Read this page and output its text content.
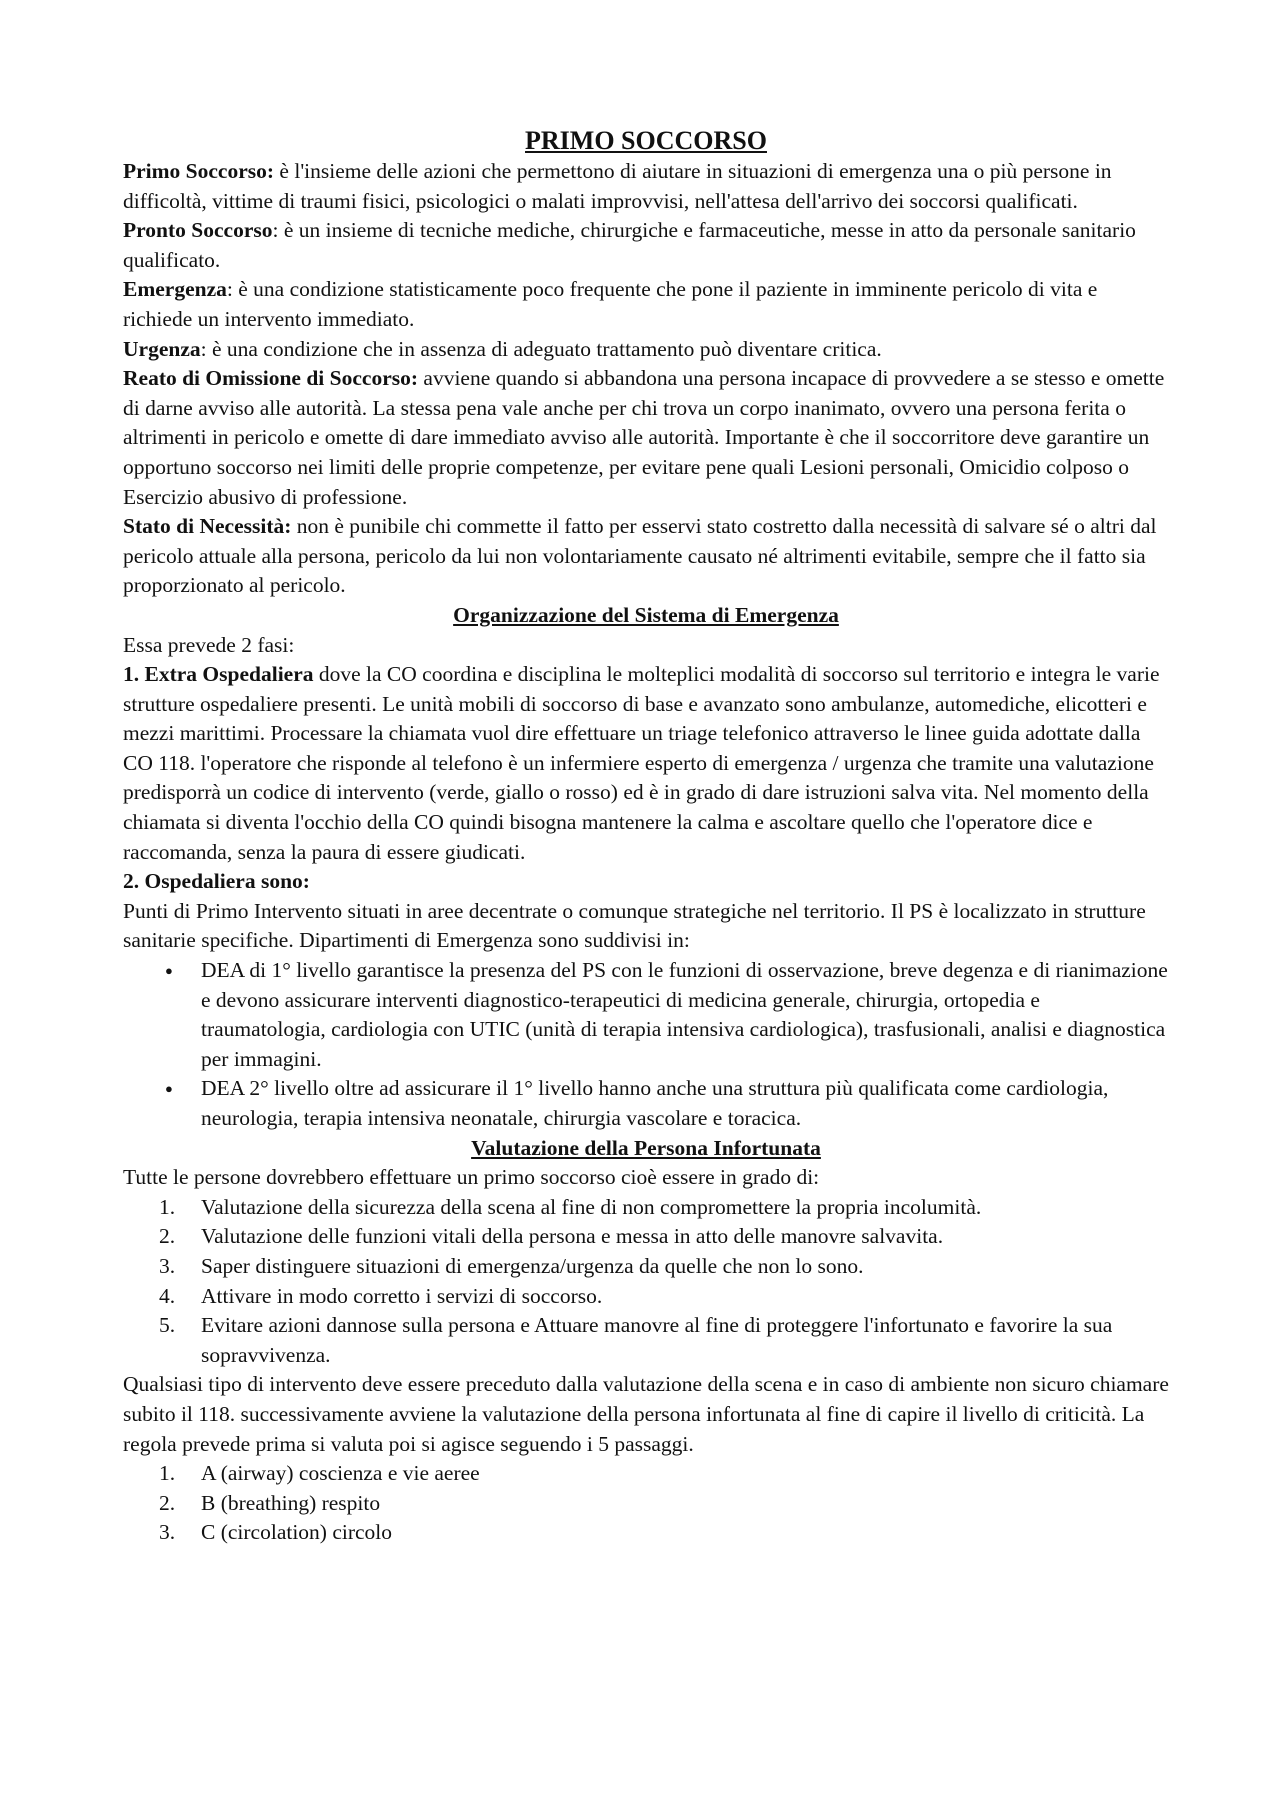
PRIMO SOCCORSO

Primo Soccorso: è l'insieme delle azioni che permettono di aiutare in situazioni di emergenza una o più persone in difficoltà, vittime di traumi fisici, psicologici o malati improvvisi, nell'attesa dell'arrivo dei soccorsi qualificati.

Pronto Soccorso: è un insieme di tecniche mediche, chirurgiche e farmaceutiche, messe in atto da personale sanitario qualificato.

Emergenza: è una condizione statisticamente poco frequente che pone il paziente in imminente pericolo di vita e richiede un intervento immediato.

Urgenza: è una condizione che in assenza di adeguato trattamento può diventare critica.

Reato di Omissione di Soccorso: avviene quando si abbandona una persona incapace di provvedere a se stesso e omette di darne avviso alle autorità. La stessa pena vale anche per chi trova un corpo inanimato, ovvero una persona ferita o altrimenti in pericolo e omette di dare immediato avviso alle autorità. Importante è che il soccorritore deve garantire un opportuno soccorso nei limiti delle proprie competenze, per evitare pene quali Lesioni personali, Omicidio colposo o Esercizio abusivo di professione.

Stato di Necessità: non è punibile chi commette il fatto per esservi stato costretto dalla necessità di salvare sé o altri dal pericolo attuale alla persona, pericolo da lui non volontariamente causato né altrimenti evitabile, sempre che il fatto sia proporzionato al pericolo.

Organizzazione del Sistema di Emergenza

Essa prevede 2 fasi:

1. Extra Ospedaliera dove la CO coordina e disciplina le molteplici modalità di soccorso sul territorio e integra le varie strutture ospedaliere presenti. Le unità mobili di soccorso di base e avanzato sono ambulanze, automediche, elicotteri e mezzi marittimi. Processare la chiamata vuol dire effettuare un triage telefonico attraverso le linee guida adottate dalla CO 118. l'operatore che risponde al telefono è un infermiere esperto di emergenza / urgenza che tramite una valutazione predisporrà un codice di intervento (verde, giallo o rosso) ed è in grado di dare istruzioni salva vita. Nel momento della chiamata si diventa l'occhio della CO quindi bisogna mantenere la calma e ascoltare quello che l'operatore dice e raccomanda, senza la paura di essere giudicati.

2. Ospedaliera sono:

Punti di Primo Intervento situati in aree decentrate o comunque strategiche nel territorio. Il PS è localizzato in strutture sanitarie specifiche. Dipartimenti di Emergenza sono suddivisi in:

● DEA di 1° livello garantisce la presenza del PS con le funzioni di osservazione, breve degenza e di rianimazione e devono assicurare interventi diagnostico-terapeutici di medicina generale, chirurgia, ortopedia e traumatologia, cardiologia con UTIC (unità di terapia intensiva cardiologica), trasfusionali, analisi e diagnostica per immagini.
● DEA 2° livello oltre ad assicurare il 1° livello hanno anche una struttura più qualificata come cardiologia, neurologia, terapia intensiva neonatale, chirurgia vascolare e toracica.
Valutazione della Persona Infortunata

Tutte le persone dovrebbero effettuare un primo soccorso cioè essere in grado di:

1. Valutazione della sicurezza della scena al fine di non compromettere la propria incolumità.
2. Valutazione delle funzioni vitali della persona e messa in atto delle manovre salvavita.
3. Saper distinguere situazioni di emergenza/urgenza da quelle che non lo sono.
4. Attivare in modo corretto i servizi di soccorso.
5. Evitare azioni dannose sulla persona e Attuare manovre al fine di proteggere l'infortunato e favorire la sua sopravvivenza.

Qualsiasi tipo di intervento deve essere preceduto dalla valutazione della scena e in caso di ambiente non sicuro chiamare subito il 118. successivamente avviene la valutazione della persona infortunata al fine di capire il livello di criticità. La regola prevede prima si valuta poi si agisce seguendo i 5 passaggi.

1. A (airway) coscienza e vie aeree
2. B (breathing) respito
3. C (circolation) circolo
